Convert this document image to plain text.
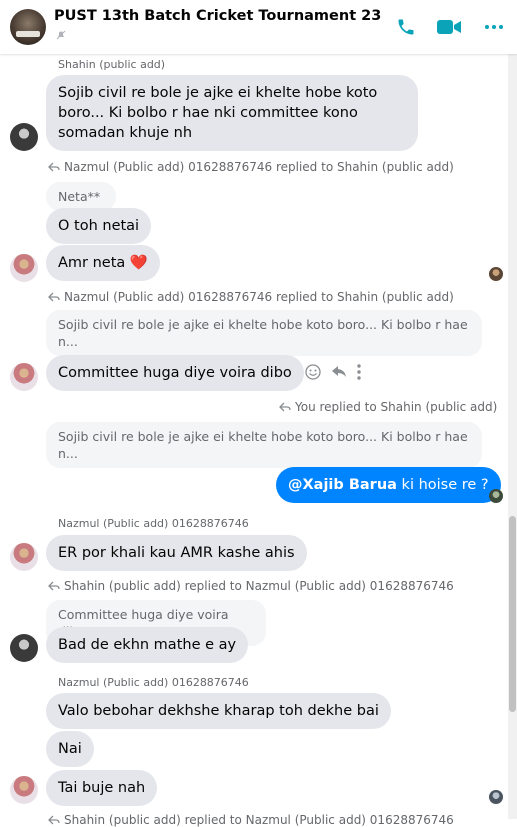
PUST 13th Batch Cricket Tournament 23
Shahin (public add)
Sojib civil re bole je ajke ei khelte hobe koto boro... Ki bolbo r hae nki committee kono somadan khuje nh
Nazmul (Public add) 01628876746 replied to Shahin (public add)
Neta**
O toh netai
Amr neta ❤️
Nazmul (Public add) 01628876746 replied to Shahin (public add)
Sojib civil re bole je ajke ei khelte hobe koto boro... Ki bolbo r hae n...
Committee huga diye voira dibo
You replied to Shahin (public add)
Sojib civil re bole je ajke ei khelte hobe koto boro... Ki bolbo r hae n...
@Xajib Barua ki hoise re ?
Nazmul (Public add) 01628876746
ER por khali kau AMR kashe ahis
Shahin (public add) replied to Nazmul (Public add) 01628876746
Committee huga diye voira
Bad de ekhn mathe e ay
Nazmul (Public add) 01628876746
Valo bebohar dekhshe kharap toh dekhe bai
Nai
Tai buje nah
Shahin (public add) replied to Nazmul (Public add) 01628876746
